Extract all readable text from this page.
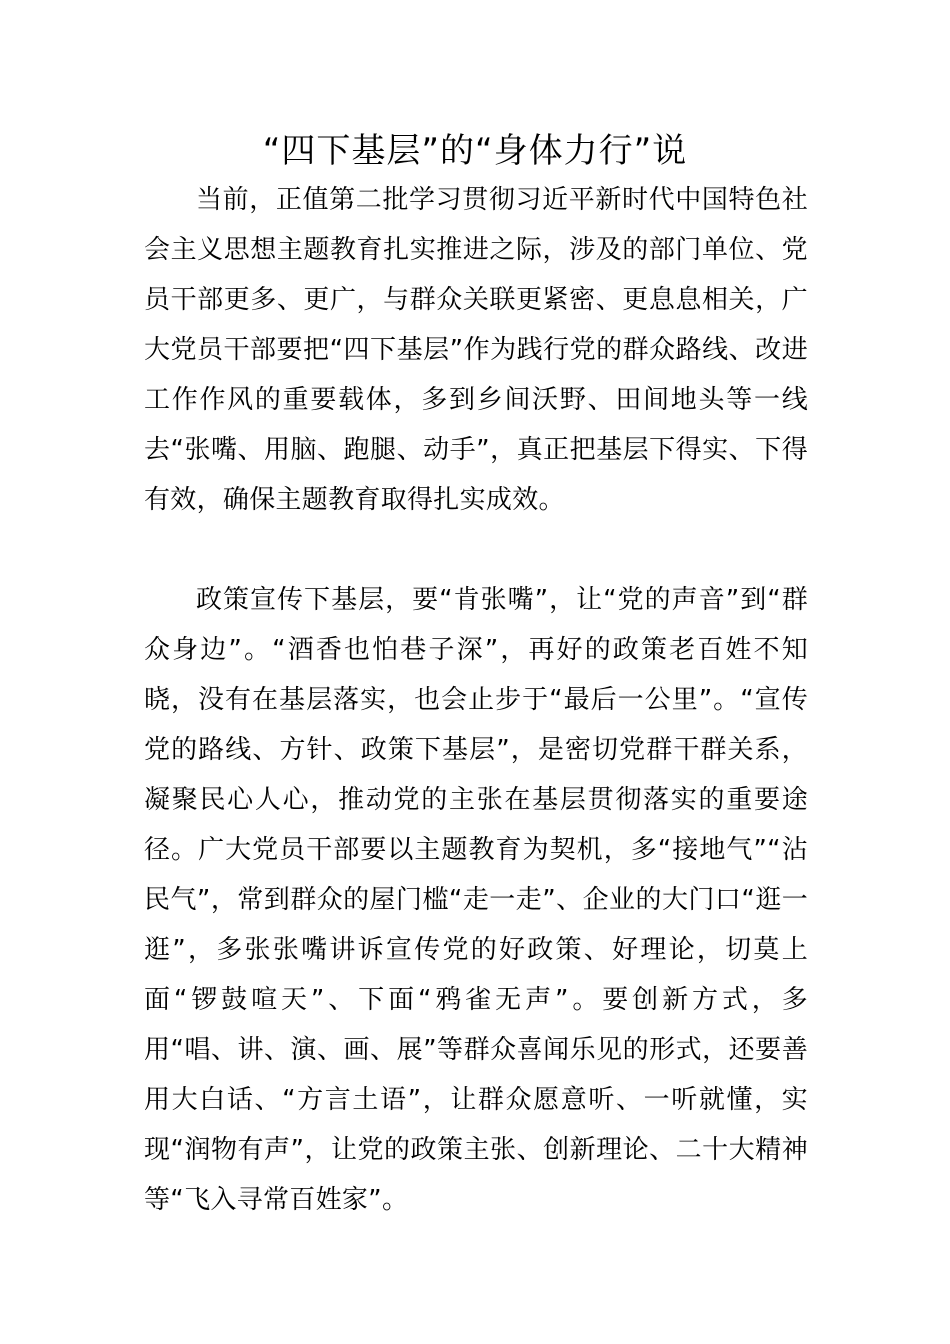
“四下基层”的“身体力行”说

当前，正值第二批学习贯彻习近平新时代中国特色社会主义思想主题教育扎实推进之际，涉及的部门单位、党员干部更多、更广，与群众关联更紧密、更息息相关，广大党员干部要把“四下基层”作为践行党的群众路线、改进工作作风的重要载体，多到乡间沃野、田间地头等一线去“张嘴、用脑、跑腿、动手”，真正把基层下得实、下得有效，确保主题教育取得扎实成效。

政策宣传下基层，要“肯张嘴”，让“党的声音”到“群众身边”。“酒香也怕巷子深”，再好的政策老百姓不知晓，没有在基层落实，也会止步于“最后一公里”。“宣传党的路线、方针、政策下基层”，是密切党群干群关系，凝聚民心人心，推动党的主张在基层贯彻落实的重要途径。广大党员干部要以主题教育为契机，多“接地气”“沾民气”，常到群众的屋门槛“走一走”、企业的大门口“逛一逛”，多张张嘴讲诉宣传党的好政策、好理论，切莫上面“锣鼓喧天”、下面“鸦雀无声”。要创新方式，多用“唱、讲、演、画、展”等群众喜闻乐见的形式，还要善用大白话、“方言土语”，让群众愿意听、一听就懂，实现“润物有声”，让党的政策主张、创新理论、二十大精神等“飞入寻常百姓家”。
